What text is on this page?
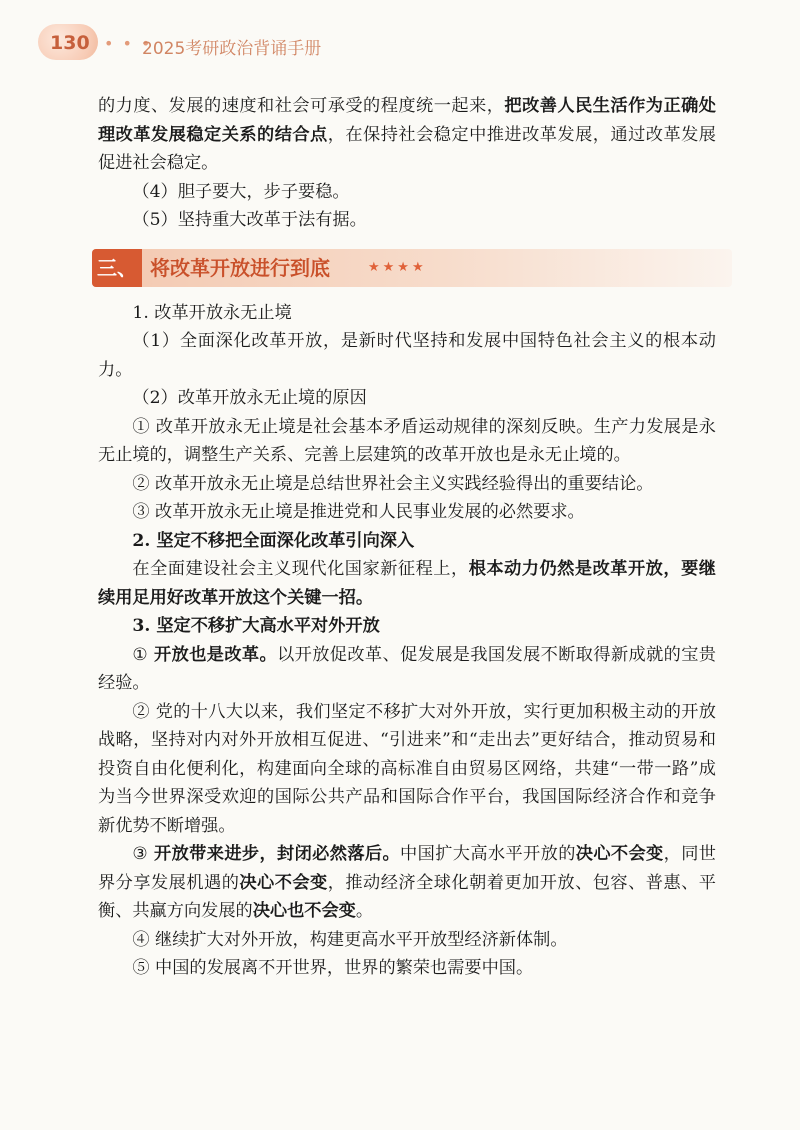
130 • • •
2025考研政治背诵手册

的力度、发展的速度和社会可承受的程度统一起来，把改善人民生活作为正确处理改革发展稳定关系的结合点，在保持社会稳定中推进改革发展，通过改革发展促进社会稳定。

（4）胆子要大，步子要稳。

（5）坚持重大改革于法有据。

三、 将改革开放进行到底	★★★★

1. 改革开放永无止境

（1）全面深化改革开放，是新时代坚持和发展中国特色社会主义的根本动力。

（2）改革开放永无止境的原因

① 改革开放永无止境是社会基本矛盾运动规律的深刻反映。生产力发展是永无止境的，调整生产关系、完善上层建筑的改革开放也是永无止境的。

② 改革开放永无止境是总结世界社会主义实践经验得出的重要结论。

③ 改革开放永无止境是推进党和人民事业发展的必然要求。

2. 坚定不移把全面深化改革引向深入

在全面建设社会主义现代化国家新征程上，根本动力仍然是改革开放，要继续用足用好改革开放这个关键一招。

3. 坚定不移扩大高水平对外开放

① 开放也是改革。以开放促改革、促发展是我国发展不断取得新成就的宝贵经验。

② 党的十八大以来，我们坚定不移扩大对外开放，实行更加积极主动的开放战略，坚持对内对外开放相互促进、“引进来”和“走出去”更好结合，推动贸易和投资自由化便利化，构建面向全球的高标准自由贸易区网络，共建“一带一路”成为当今世界深受欢迎的国际公共产品和国际合作平台，我国国际经济合作和竞争新优势不断增强。

③ 开放带来进步，封闭必然落后。中国扩大高水平开放的决心不会变，同世界分享发展机遇的决心不会变，推动经济全球化朝着更加开放、包容、普惠、平衡、共赢方向发展的决心也不会变。

④ 继续扩大对外开放，构建更高水平开放型经济新体制。

⑤ 中国的发展离不开世界，世界的繁荣也需要中国。
